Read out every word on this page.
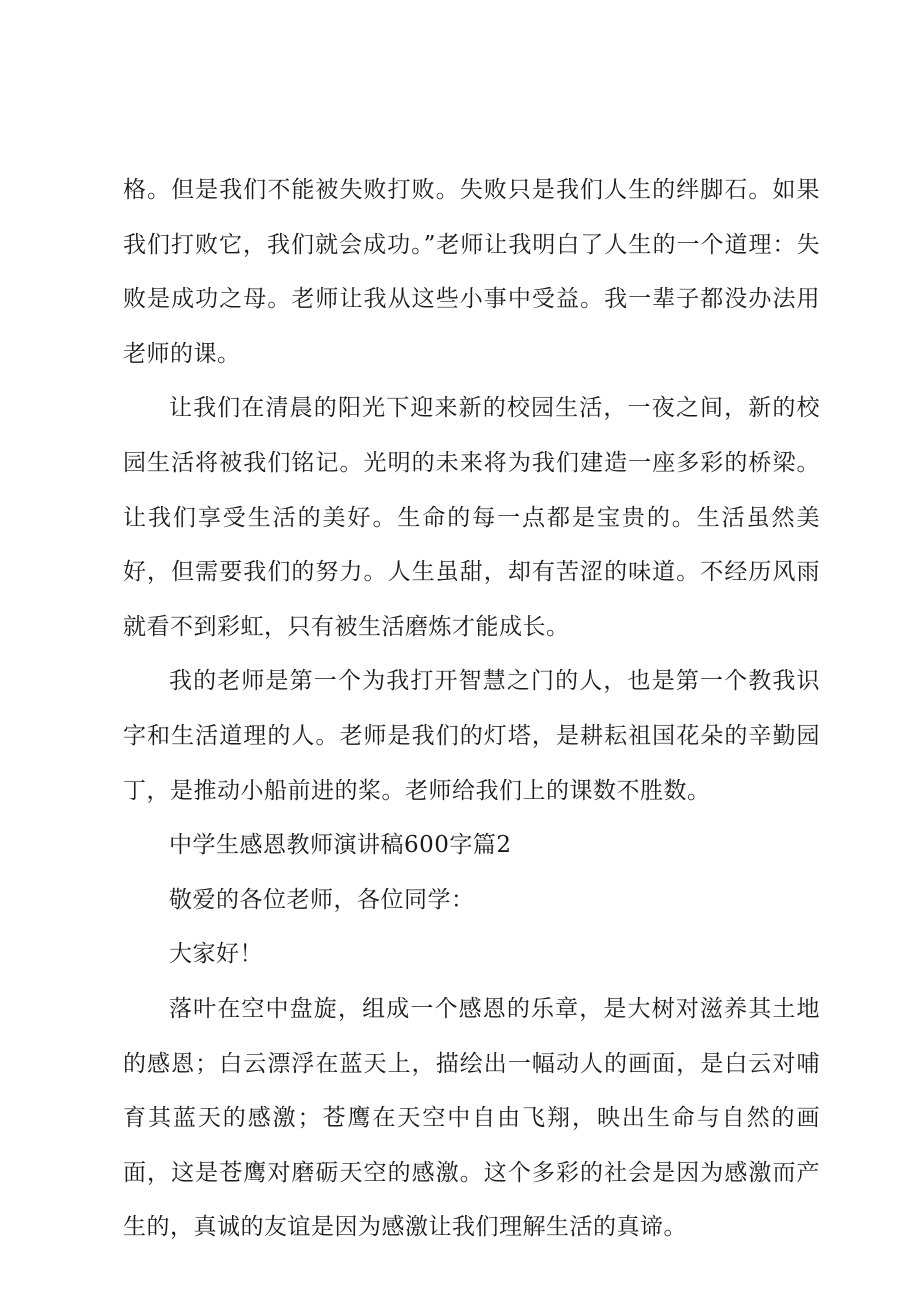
格。但是我们不能被失败打败。失败只是我们人生的绊脚石。如果我们打败它，我们就会成功。”老师让我明白了人生的一个道理：失败是成功之母。老师让我从这些小事中受益。我一辈子都没办法用老师的课。

让我们在清晨的阳光下迎来新的校园生活，一夜之间，新的校园生活将被我们铭记。光明的未来将为我们建造一座多彩的桥梁。让我们享受生活的美好。生命的每一点都是宝贵的。生活虽然美好，但需要我们的努力。人生虽甜，却有苦涩的味道。不经历风雨就看不到彩虹，只有被生活磨炼才能成长。

我的老师是第一个为我打开智慧之门的人，也是第一个教我识字和生活道理的人。老师是我们的灯塔，是耕耘祖国花朵的辛勤园丁，是推动小船前进的桨。老师给我们上的课数不胜数。

中学生感恩教师演讲稿600字篇2

敬爱的各位老师，各位同学：

大家好！

落叶在空中盘旋，组成一个感恩的乐章，是大树对滋养其土地的感恩；白云漂浮在蓝天上，描绘出一幅动人的画面，是白云对哺育其蓝天的感激；苍鹰在天空中自由飞翔，映出生命与自然的画面，这是苍鹰对磨砺天空的感激。这个多彩的社会是因为感激而产生的，真诚的友谊是因为感激让我们理解生活的真谛。
